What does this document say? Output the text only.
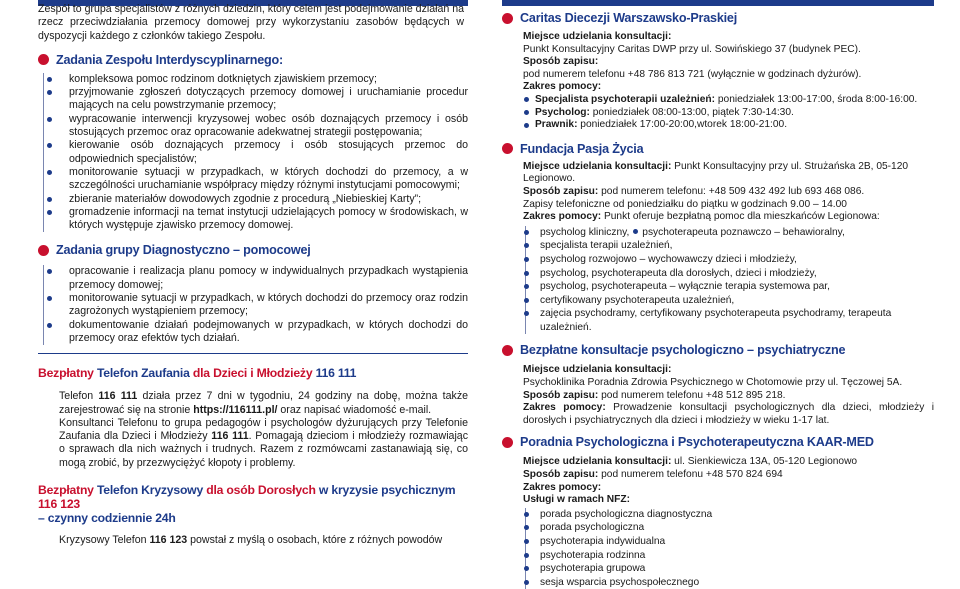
Zespół to grupa specjalistów z różnych dziedzin, który celem jest podejmowanie działań na rzecz przeciwdziałania przemocy domowej przy wykorzystaniu zasobów będących w dyspozycji każdego z członków takiego Zespołu.

Zadania Zespołu Interdyscyplinarnego:
kompleksowa pomoc rodzinom dotkniętych zjawiskiem przemocy;
przyjmowanie zgłoszeń dotyczących przemocy domowej i uruchamianie procedur mających na celu powstrzymanie przemocy;
wypracowanie interwencji kryzysowej wobec osób doznających przemocy i osób stosujących przemoc oraz opracowanie adekwatnej strategii postępowania;
kierowanie osób doznających przemocy i osób stosujących przemoc do odpowiednich specjalistów;
monitorowanie sytuacji w przypadkach, w których dochodzi do przemocy, a w szczególności uruchamianie współpracy między różnymi instytucjami pomocowymi;
zbieranie materiałów dowodowych zgodnie z procedurą „Niebieskiej Karty”;
gromadzenie informacji na temat instytucji udzielających pomocy w środowiskach, w których występuje zjawisko przemocy domowej.
Zadania grupy Diagnostyczno – pomocowej
opracowanie i realizacja planu pomocy w indywidualnych przypadkach wystąpienia przemocy domowej;
monitorowanie sytuacji w przypadkach, w których dochodzi do przemocy oraz rodzin zagrożonych wystąpieniem przemocy;
dokumentowanie działań podejmowanych w przypadkach, w których dochodzi do przemocy oraz efektów tych działań.
Bezpłatny Telefon Zaufania dla Dzieci i Młodzieży 116 111

Telefon 116 111 działa przez 7 dni w tygodniu, 24 godziny na dobę, można także zarejestrować się na stronie https://116111.pl/ oraz napisać wiadomość e-mail.

Konsultanci Telefonu to grupa pedagogów i psychologów dyżurujących przy Telefonie Zaufania dla Dzieci i Młodzieży 116 111. Pomagają dzieciom i młodzieży rozmawiając o sprawach dla nich ważnych i trudnych. Razem z rozmówcami zastanawiają się, co mogą zrobić, by przezwyciężyć kłopoty i problemy.

Bezpłatny Telefon Kryzysowy dla osób Dorosłych w kryzysie psychicznym 116 123
– czynny codziennie 24h

Kryzysowy Telefon 116 123 powstał z myślą o osobach, które z różnych powodów

Caritas Diecezji Warszawsko-Praskiej

Miejsce udzielania konsultacji:

Punkt Konsultacyjny Caritas DWP przy ul. Sowińskiego 37 (budynek PEC).

Sposób zapisu:

pod numerem telefonu +48 786 813 721 (wyłącznie w godzinach dyżurów).

Zakres pomocy:

Specjalista psychoterapii uzależnień: poniedziałek 13:00-17:00, środa 8:00-16:00.
Psycholog: poniedziałek 08:00-13:00, piątek 7:30-14:30.
Prawnik: poniedziałek 17:00-20:00,wtorek 18:00-21:00.
Fundacja Pasja Życia

Miejsce udzielania konsultacji: Punkt Konsultacyjny przy ul. Strużańska 2B, 05-120 Legionowo.

Sposób zapisu: pod numerem telefonu: +48 509 432 492 lub 693 468 086.

Zapisy telefoniczne od poniedziałku do piątku w godzinach 9.00 – 14.00

Zakres pomocy: Punkt oferuje bezpłatną pomoc dla mieszkańców Legionowa:

psycholog kliniczny, psychoterapeuta poznawczo – behawioralny,
specjalista terapii uzależnień,
psycholog rozwojowo – wychowawczy dzieci i młodzieży,
psycholog, psychoterapeuta dla dorosłych, dzieci i młodzieży,
psycholog, psychoterapeuta – wyłącznie terapia systemowa par,
certyfikowany psychoterapeuta uzależnień,
zajęcia psychodramy, certyfikowany psychoterapeuta psychodramy, terapeuta uzależnień.
Bezpłatne konsultacje psychologiczno – psychiatryczne

Miejsce udzielania konsultacji:

Psychoklinika Poradnia Zdrowia Psychicznego w Chotomowie przy ul. Tęczowej 5A.

Sposób zapisu: pod numerem telefonu +48 512 895 218.

Zakres pomocy: Prowadzenie konsultacji psychologicznych dla dzieci, młodzieży i dorosłych i psychiatrycznych dla dzieci i młodzieży w wieku 1-17 lat.

Poradnia Psychologiczna i Psychoterapeutyczna KAAR-MED

Miejsce udzielania konsultacji: ul. Sienkiewicza 13A, 05-120 Legionowo

Sposób zapisu: pod numerem telefonu +48 570 824 694

Zakres pomocy:

Usługi w ramach NFZ:

porada psychologiczna diagnostyczna
porada psychologiczna
psychoterapia indywidualna
psychoterapia rodzinna
psychoterapia grupowa
sesja wsparcia psychospołecznego
